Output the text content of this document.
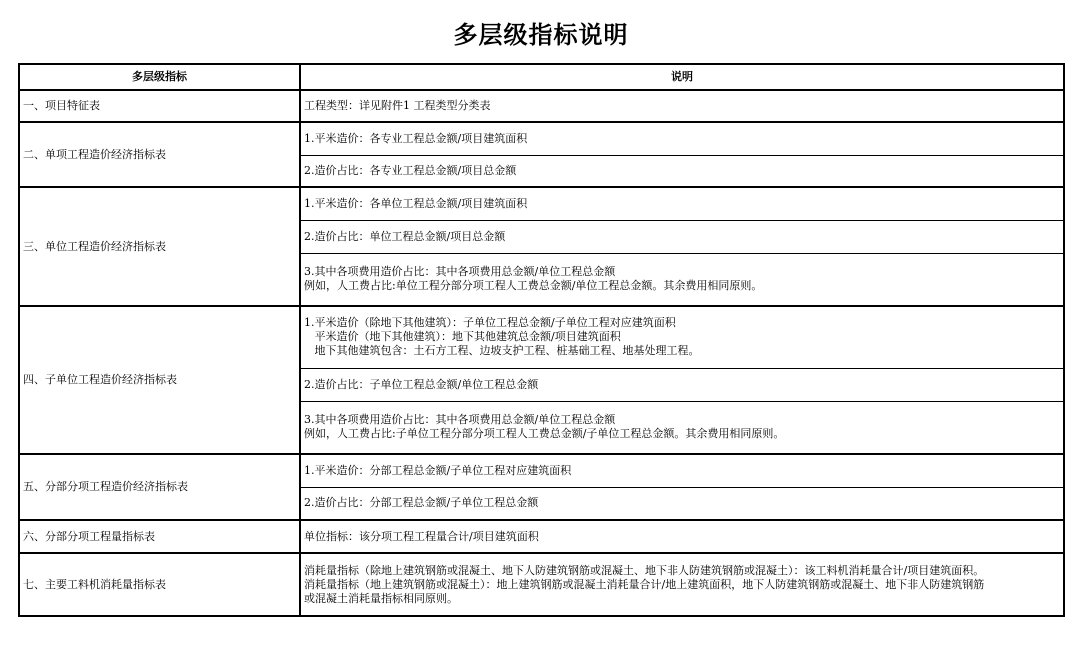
多层级指标说明
多层级指标	说明
一、项目特征表	工程类型：详见附件1 工程类型分类表

二、单项工程造价经济指标表	1.平米造价：各专业工程总金额/项目建筑面积

	2.造价占比：各专业工程总金额/项目总金额

三、单位工程造价经济指标表	1.平米造价：各单位工程总金额/项目建筑面积

	2.造价占比：单位工程总金额/项目总金额

	3.其中各项费用造价占比：其中各项费用总金额/单位工程总金额
例如，人工费占比:单位工程分部分项工程人工费总金额/单位工程总金额。其余费用相同原则。

四、子单位工程造价经济指标表	1.平米造价（除地下其他建筑）：子单位工程总金额/子单位工程对应建筑面积
平米造价（地下其他建筑）：地下其他建筑总金额/项目建筑面积
地下其他建筑包含：土石方工程、边坡支护工程、桩基础工程、地基处理工程。

	2.造价占比：子单位工程总金额/单位工程总金额

	3.其中各项费用造价占比：其中各项费用总金额/单位工程总金额
例如，人工费占比:子单位工程分部分项工程人工费总金额/子单位工程总金额。其余费用相同原则。

五、分部分项工程造价经济指标表	1.平米造价：分部工程总金额/子单位工程对应建筑面积

	2.造价占比：分部工程总金额/子单位工程总金额

六、分部分项工程量指标表	单位指标：该分项工程工程量合计/项目建筑面积

七、主要工料机消耗量指标表	消耗量指标（除地上建筑钢筋或混凝土、地下人防建筑钢筋或混凝土、地下非人防建筑钢筋或混凝土）：该工料机消耗量合计/项目建筑面积。
消耗量指标（地上建筑钢筋或混凝土）：地上建筑钢筋或混凝土消耗量合计/地上建筑面积，地下人防建筑钢筋或混凝土、地下非人防建筑钢筋
或混凝土消耗量指标相同原则。
